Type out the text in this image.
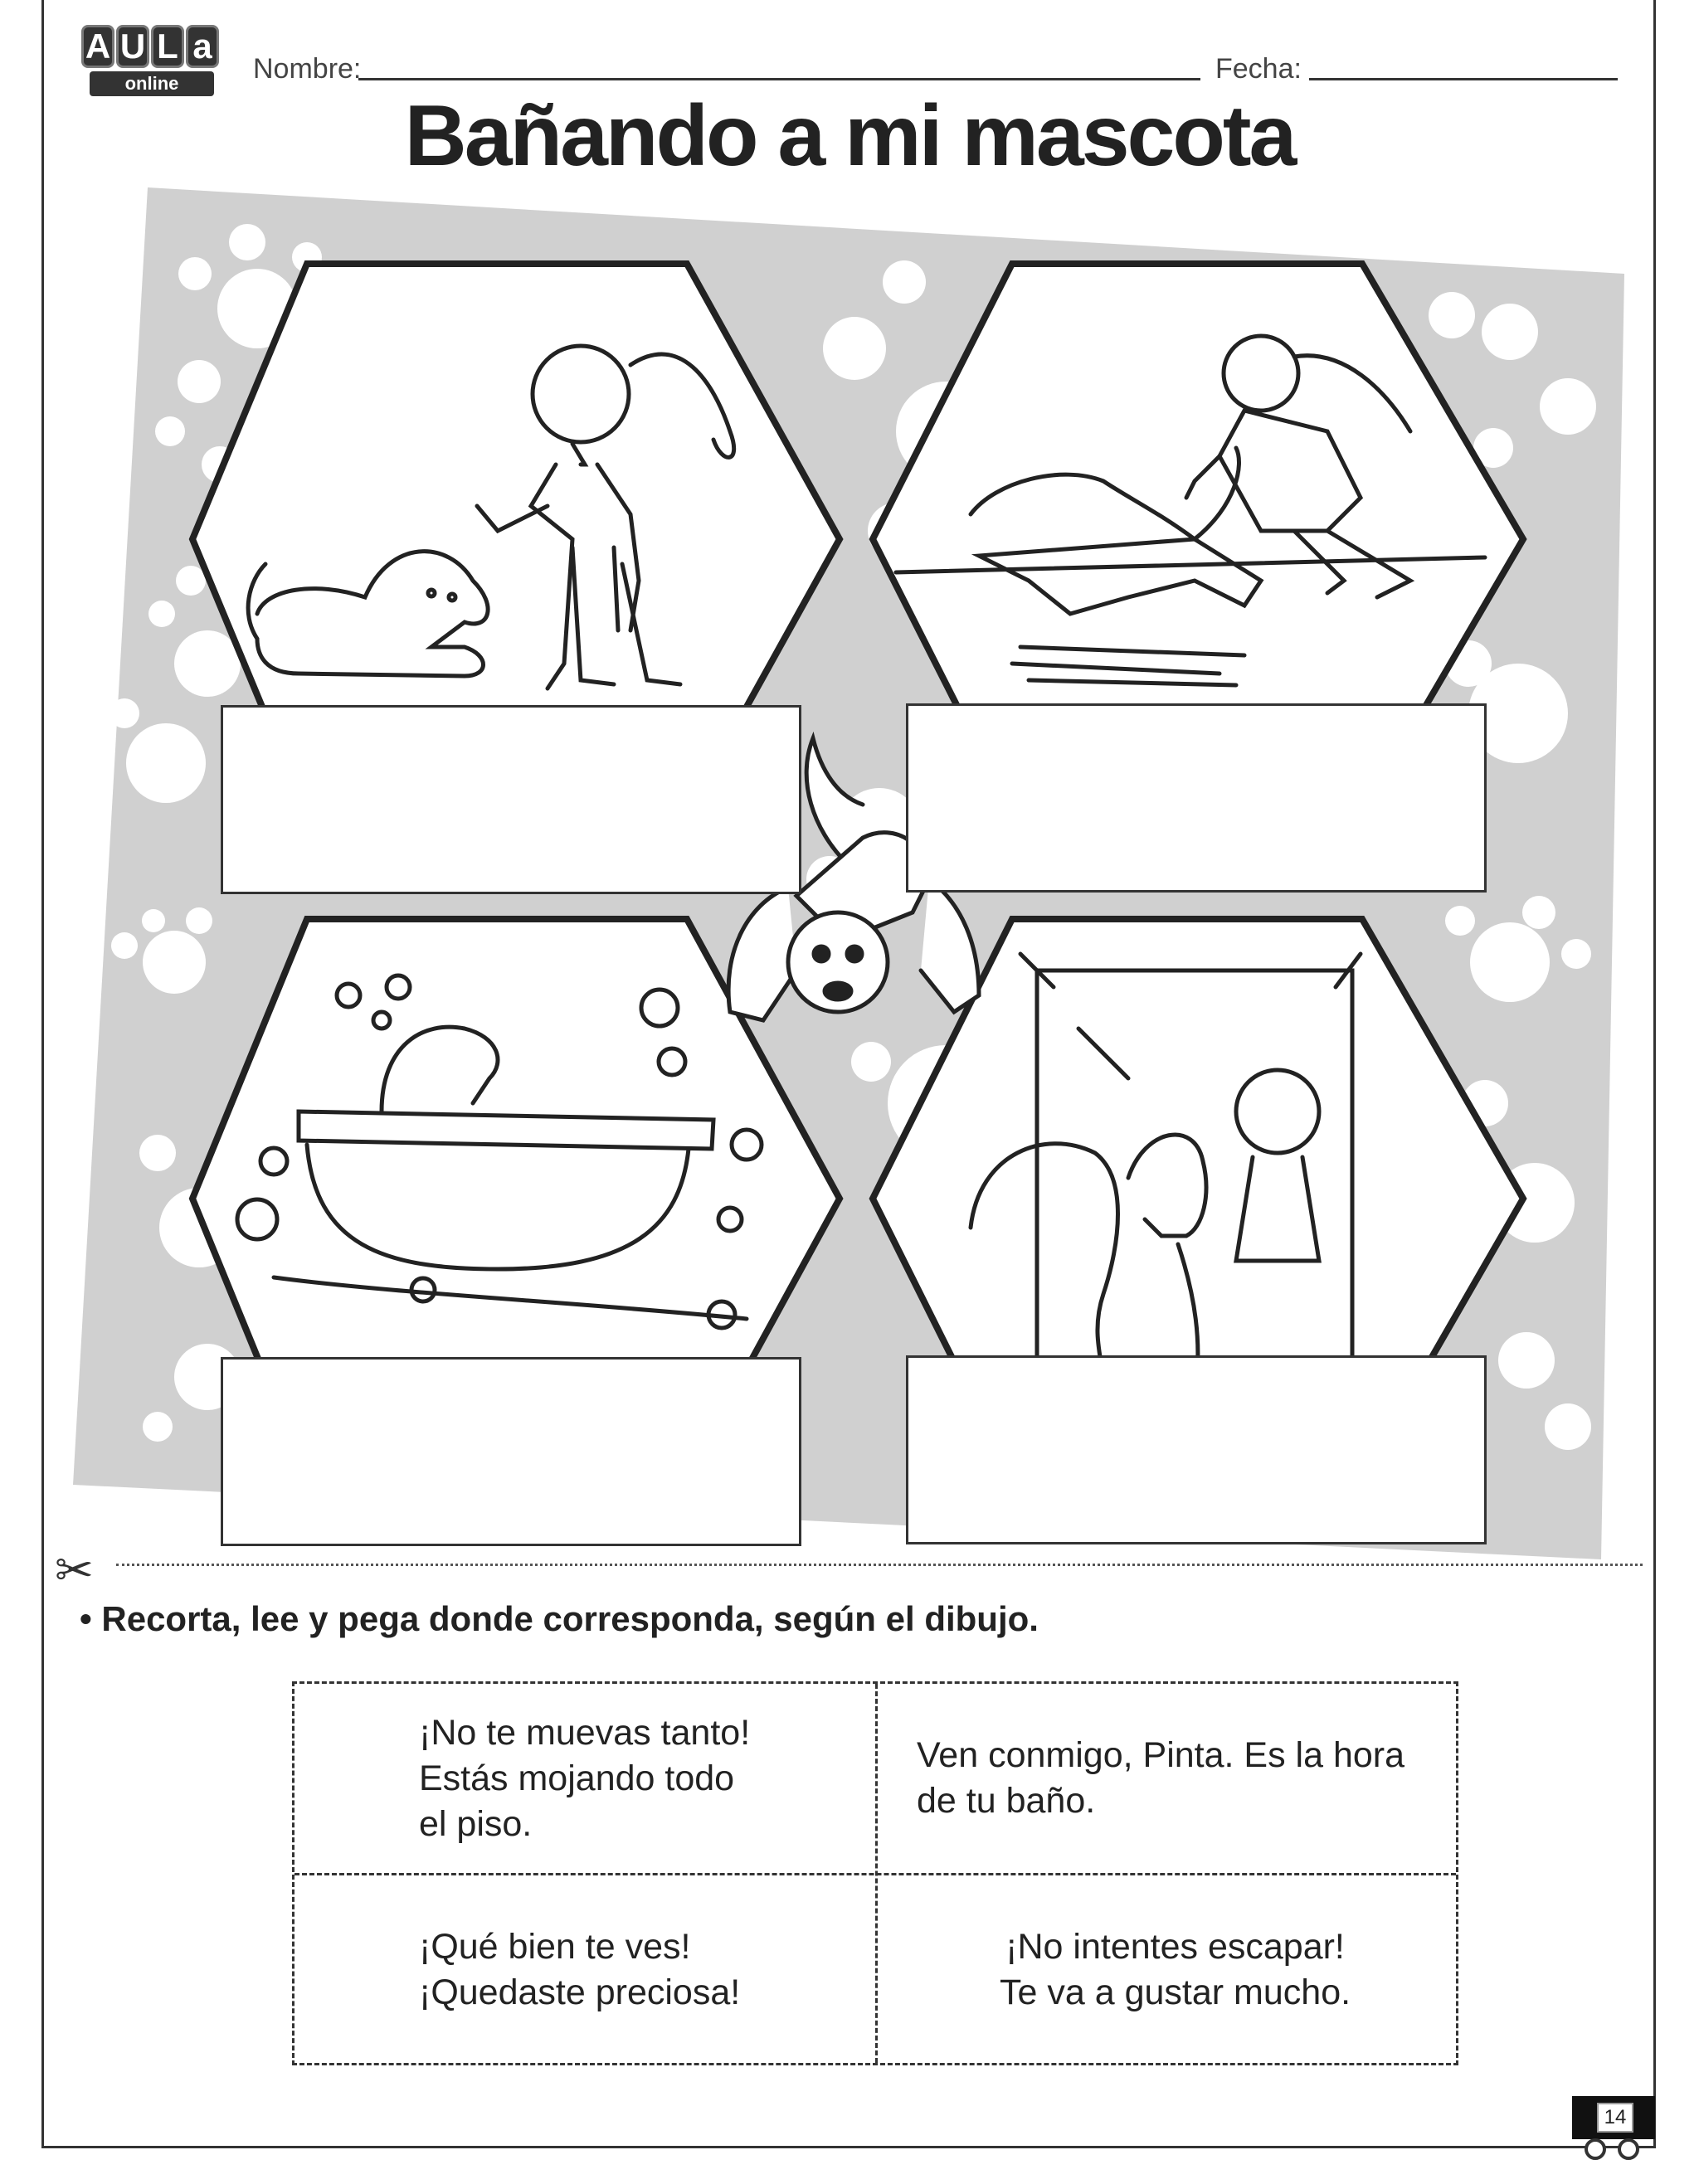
A U L a
online	Nombre:	Fecha:
Bañando a mi mascota
✂
• Recorta, lee y pega donde corresponda, según el dibujo.
¡No te muevas tanto!
Estás mojando todo
el piso.
Ven conmigo, Pinta. Es la hora
de tu baño.
¡Qué bien te ves!
¡Quedaste preciosa!
¡No intentes escapar!
Te va a gustar mucho.
14
